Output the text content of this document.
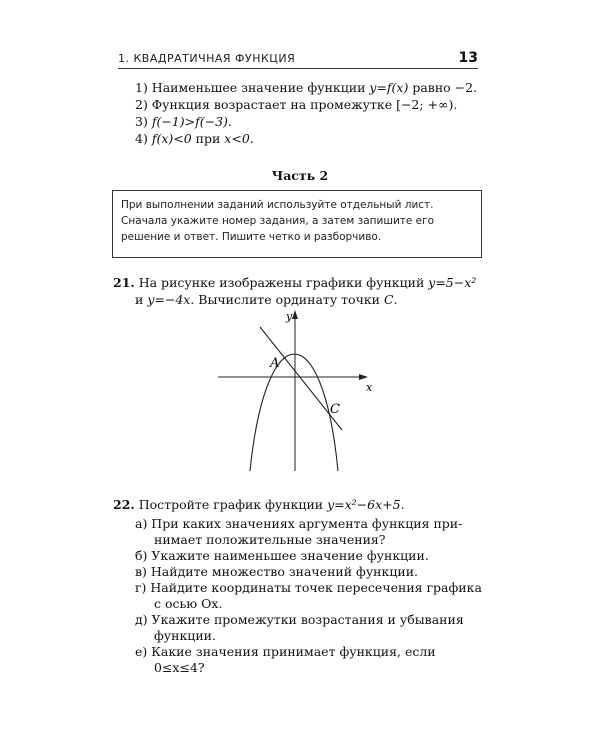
1. КВАДРАТИЧНАЯ ФУНКЦИЯ	13
1) Наименьшее значение функции y=f(x) равно −2.
2) Функция возрастает на промежутке [−2; +∞).
3) f(−1)>f(−3).
4) f(x)<0 при x<0.
Часть 2
При выполнении заданий используйте отдельный лист. Сначала укажите номер задания, а затем запишите его решение и ответ. Пишите четко и разборчиво.
21. На рисунке изображены графики функций y=5−x²
и y=−4x. Вычислите ординату точки C.
y
x
A
C
22. Постройте график функции y=x²−6x+5.
а) При каких значениях аргумента функция при-
нимает положительные значения?
б) Укажите наименьшее значение функции.
в) Найдите множество значений функции.
г) Найдите координаты точек пересечения графика
с осью Ox.
д) Укажите промежутки возрастания и убывания
функции.
е) Какие значения принимает функция, если
0≤x≤4?
